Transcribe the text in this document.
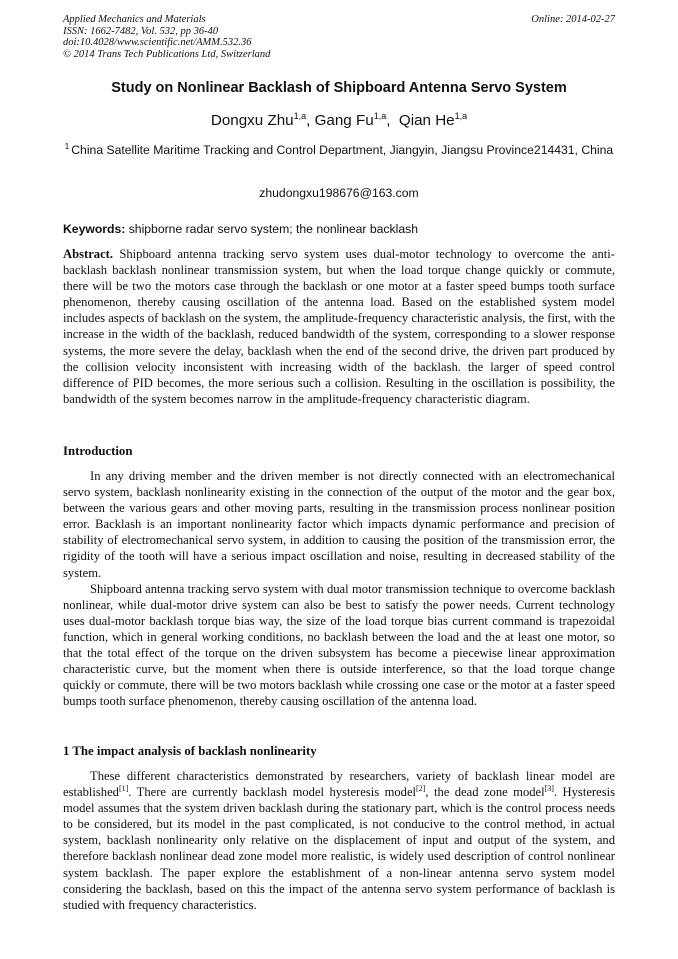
Applied Mechanics and Materials
ISSN: 1662-7482, Vol. 532, pp 36-40
doi:10.4028/www.scientific.net/AMM.532.36
© 2014 Trans Tech Publications Ltd, Switzerland
Online: 2014-02-27
Study on Nonlinear Backlash of Shipboard Antenna Servo System
Dongxu Zhu$^{1,a}$, Gang Fu$^{1,a}$,  Qian He$^{1,a}$
$^1$ China Satellite Maritime Tracking and Control Department, Jiangyin, Jiangsu Province214431, China
zhudongxu198676@163.com
Keywords: shipborne radar servo system; the nonlinear backlash

Abstract. Shipboard antenna tracking servo system uses dual-motor technology to overcome the anti-backlash backlash nonlinear transmission system, but when the load torque change quickly or commute, there will be two the motors case through the backlash or one motor at a faster speed bumps tooth surface phenomenon, thereby causing oscillation of the antenna load. Based on the established system model includes aspects of backlash on the system, the amplitude-frequency characteristic analysis, the first, with the increase in the width of the backlash, reduced bandwidth of the system, corresponding to a slower response systems, the more severe the delay, backlash when the end of the second drive, the driven part produced by the collision velocity inconsistent with increasing width of the backlash. the larger of speed control difference of PID becomes, the more serious such a collision. Resulting in the oscillation is possibility, the bandwidth of the system becomes narrow in the amplitude-frequency characteristic diagram.

Introduction

In any driving member and the driven member is not directly connected with an electromechanical servo system, backlash nonlinearity existing in the connection of the output of the motor and the gear box, between the various gears and other moving parts, resulting in the transmission process nonlinear position error. Backlash is an important nonlinearity factor which impacts dynamic performance and precision of stability of electromechanical servo system, in addition to causing the position of the transmission error, the rigidity of the tooth will have a serious impact oscillation and noise, resulting in decreased stability of the system.

Shipboard antenna tracking servo system with dual motor transmission technique to overcome backlash nonlinear, while dual-motor drive system can also be best to satisfy the power needs. Current technology uses dual-motor backlash torque bias way, the size of the load torque bias current command is trapezoidal function, which in general working conditions, no backlash between the load and the at least one motor, so that the total effect of the torque on the driven subsystem has become a piecewise linear approximation characteristic curve, but the moment when there is outside interference, so that the load torque change quickly or commute, there will be two motors backlash while crossing one case or the motor at a faster speed bumps tooth surface phenomenon, thereby causing oscillation of the antenna load.

1 The impact analysis of backlash nonlinearity

These different characteristics demonstrated by researchers, variety of backlash linear model are established[1]. There are currently backlash model hysteresis model[2], the dead zone model[3]. Hysteresis model assumes that the system driven backlash during the stationary part, which is the control process needs to be considered, but its model in the past complicated, is not conducive to the control method, in actual system, backlash nonlinearity only relative on the displacement of input and output of the system, and therefore backlash nonlinear dead zone model more realistic, is widely used description of control nonlinear system backlash. The paper explore the establishment of a non-linear antenna servo system model considering the backlash, based on this the impact of the antenna servo system performance of backlash is studied with frequency characteristics.
